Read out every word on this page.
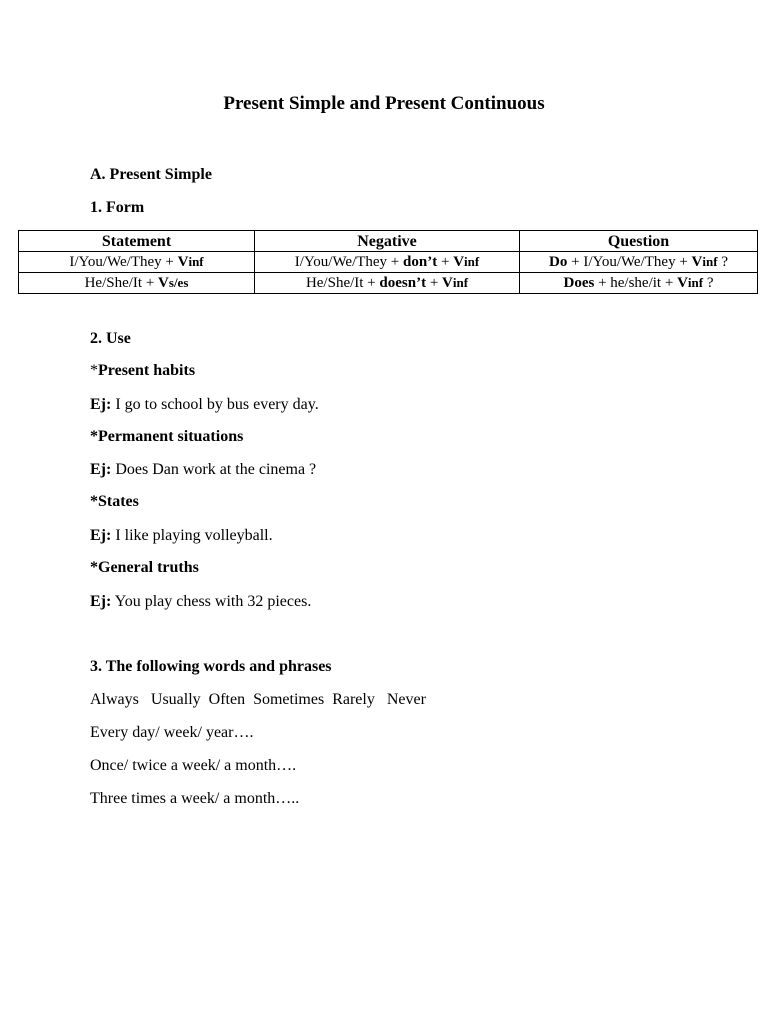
Present Simple and Present Continuous
A. Present Simple
1. Form
Statement	Negative	Question
I/You/We/They + Vinf	I/You/We/They + don’t + Vinf	Do + I/You/We/They + Vinf ?
He/She/It + Vs/es	He/She/It + doesn’t + Vinf	Does + he/she/it + Vinf ?
2. Use
*Present habits
Ej: I go to school by bus every day.
*Permanent situations
Ej: Does Dan work at the cinema ?
*States
Ej: I like playing volleyball.
*General truths
Ej: You play chess with 32 pieces.
3. The following words and phrases
Always   Usually  Often  Sometimes  Rarely   Never
Every day/ week/ year….
Once/ twice a week/ a month….
Three times a week/ a month…..
